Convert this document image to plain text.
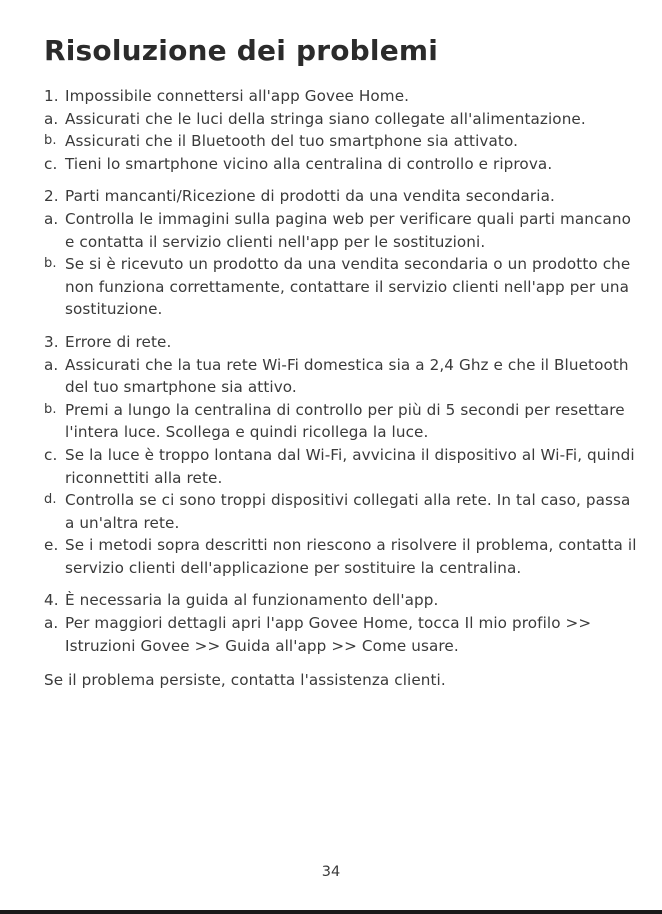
Risoluzione dei problemi
1. Impossibile connettersi all'app Govee Home.
a. Assicurati che le luci della stringa siano collegate all'alimentazione.
b. Assicurati che il Bluetooth del tuo smartphone sia attivato.
c. Tieni lo smartphone vicino alla centralina di controllo e riprova.
2. Parti mancanti/Ricezione di prodotti da una vendita secondaria.
a. Controlla le immagini sulla pagina web per verificare quali parti mancano e contatta il servizio clienti nell'app per le sostituzioni.
b. Se si è ricevuto un prodotto da una vendita secondaria o un prodotto che non funziona correttamente, contattare il servizio clienti nell'app per una sostituzione.
3. Errore di rete.
a. Assicurati che la tua rete Wi-Fi domestica sia a 2,4 Ghz e che il Bluetooth del tuo smartphone sia attivo.
b. Premi a lungo la centralina di controllo per più di 5 secondi per resettare l'intera luce. Scollega e quindi ricollega la luce.
c. Se la luce è troppo lontana dal Wi-Fi, avvicina il dispositivo al Wi-Fi, quindi riconnettiti alla rete.
d. Controlla se ci sono troppi dispositivi collegati alla rete. In tal caso, passa a un'altra rete.
e. Se i metodi sopra descritti non riescono a risolvere il problema, contatta il servizio clienti dell'applicazione per sostituire la centralina.
4. È necessaria la guida al funzionamento dell'app.
a. Per maggiori dettagli apri l'app Govee Home, tocca Il mio profilo >> Istruzioni Govee >> Guida all'app >> Come usare.
Se il problema persiste, contatta l'assistenza clienti.
34
